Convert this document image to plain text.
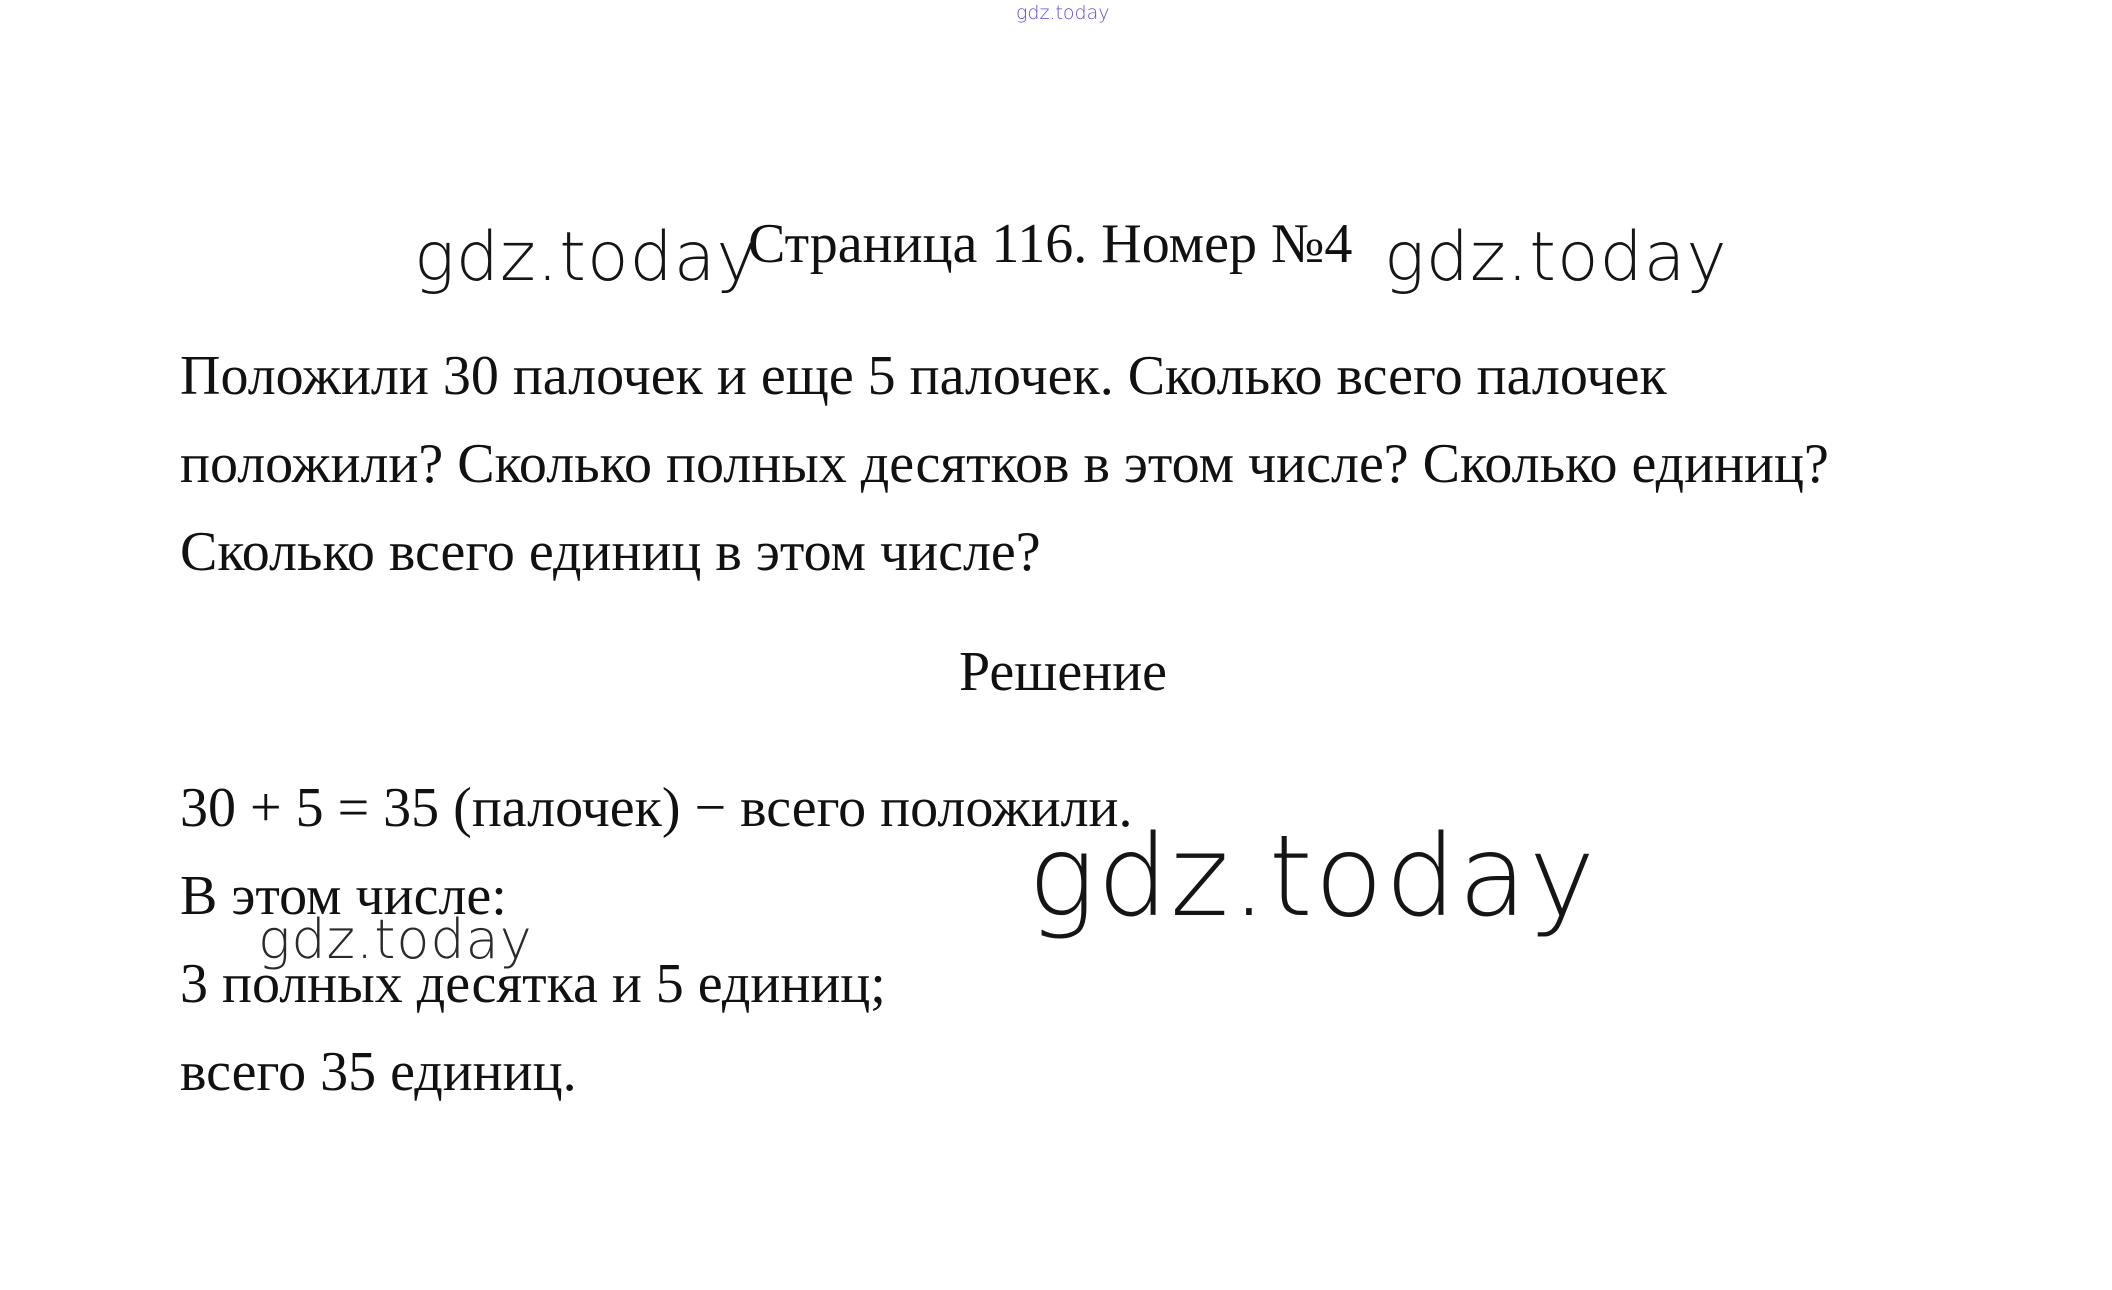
gdz.today
gdz.today
Страница 116. Номер №4 gdz.today
Положили 30 палочек и еще 5 палочек. Сколько всего палочек
положили? Сколько полных десятков в этом числе? Сколько единиц?
Сколько всего единиц в этом числе?
Решение
30 + 5 = 35 (палочек) − всего положили.
В этом числе:
3 полных десятка и 5 единиц;
всего 35 единиц.
gdz.today
gdz.today
